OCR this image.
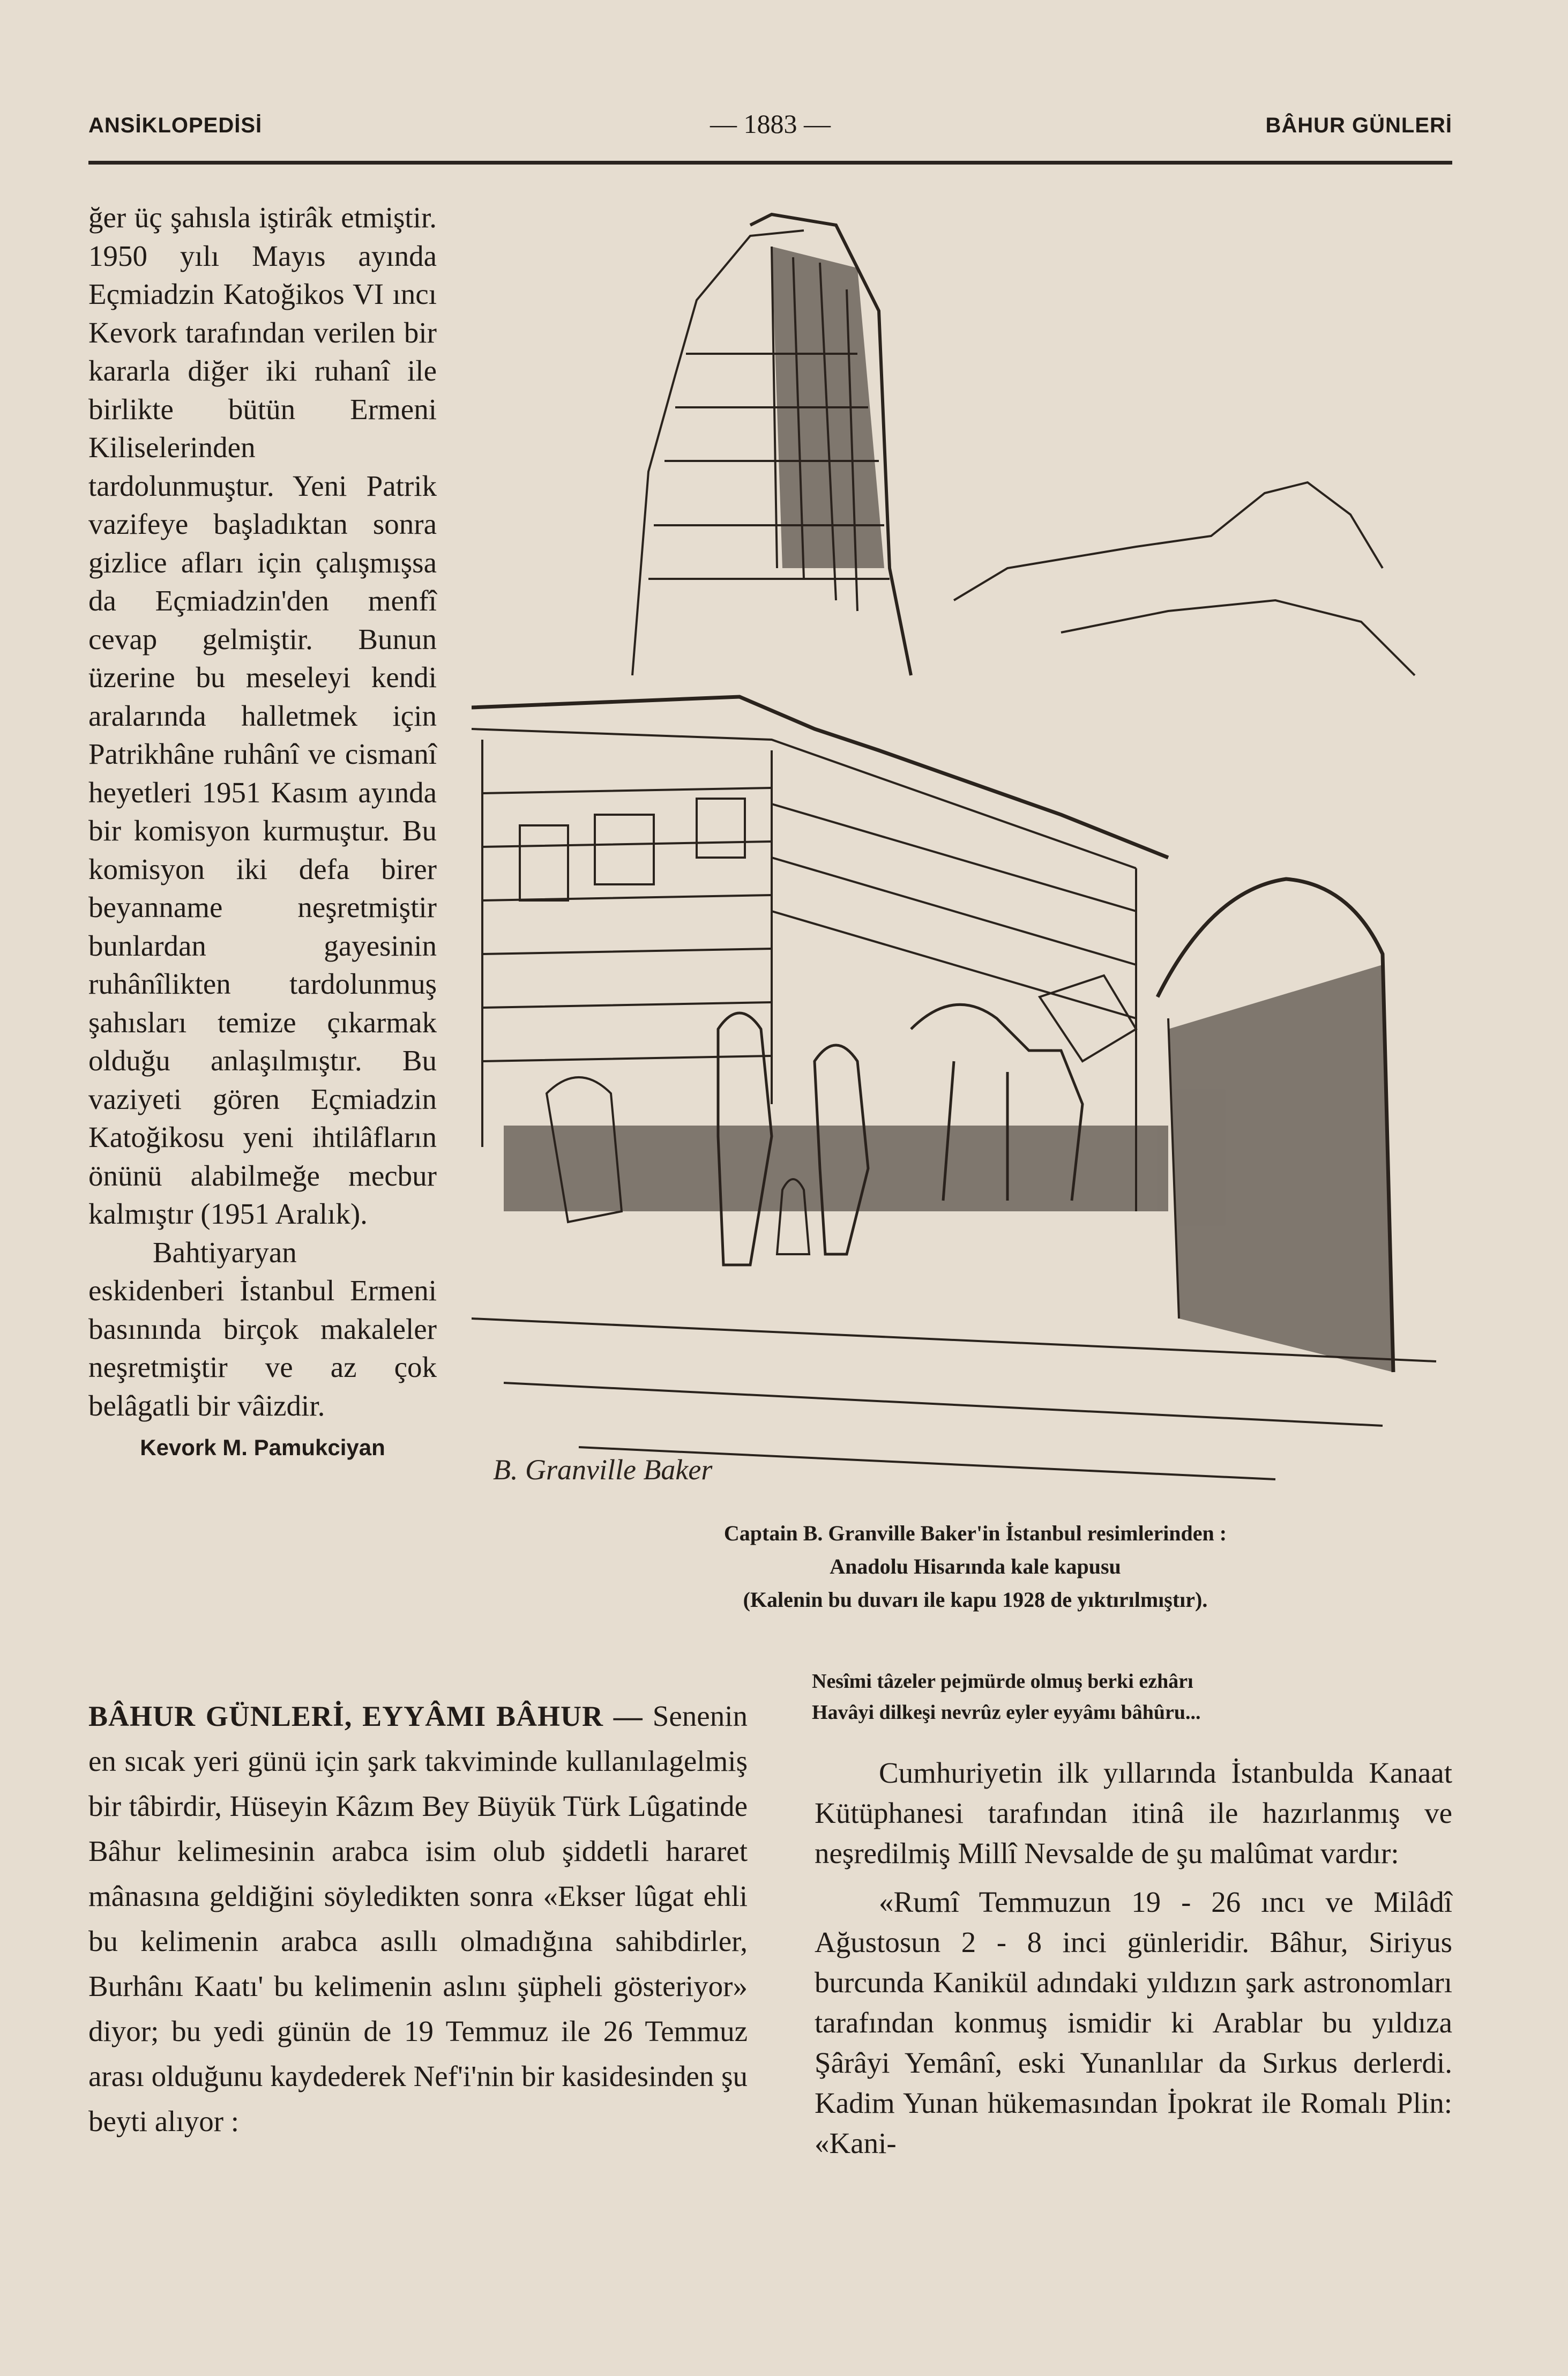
ANSİKLOPEDİSİ	— 1883 —	BÂHUR GÜNLERİ

ğer üç şahısla iştirâk etmiştir. 1950 yılı Mayıs ayında Eçmiadzin Katoğikos VI ıncı Kevork tarafından verilen bir kararla diğer iki ruhanî ile birlikte bütün Ermeni Kiliselerinden tardolunmuştur. Yeni Patrik vazifeye başladıktan sonra gizlice afları için çalışmışsa da Eçmiadzin'den menfî cevap gelmiştir. Bunun üzerine bu meseleyi kendi aralarında halletmek için Patrikhâne ruhânî ve cismanî heyetleri 1951 Kasım ayında bir komisyon kurmuştur. Bu komisyon iki defa birer beyanname neşretmiştir bunlardan gayesinin ruhânîlikten tardolunmuş şahısları temize çıkarmak olduğu anlaşılmıştır. Bu vaziyeti gören Eçmiadzin Katoğikosu yeni ihtilâfların önünü alabilmeğe mecbur kalmıştır (1951 Aralık).

Bahtiyaryan eskidenberi İstanbul Ermeni basınında birçok makaleler neşretmiştir ve az çok belâgatli bir vâizdir.

Kevork M. Pamukciyan
B. Granville Baker
Captain B. Granville Baker'in İstanbul resimlerinden :
Anadolu Hisarında kale kapusu
(Kalenin bu duvarı ile kapu 1928 de yıktırılmıştır).
Nesîmi tâzeler pejmürde olmuş berki ezhârı
Havâyi dilkeşi nevrûz eyler eyyâmı bâhûru...

BÂHUR GÜNLERİ, EYYÂMI BÂHUR — Senenin en sıcak yeri günü için şark takviminde kullanılagelmiş bir tâbirdir, Hüseyin Kâzım Bey Büyük Türk Lûgatinde Bâhur kelimesinin arabca isim olub şiddetli hararet mânasına geldiğini söyledikten sonra «Ekser lûgat ehli bu kelimenin arabca asıllı olmadığına sahibdirler, Burhânı Kaatı' bu kelimenin aslını şüpheli gösteriyor» diyor; bu yedi günün de 19 Temmuz ile 26 Temmuz arası olduğunu kaydederek Nef'i'nin bir kasidesinden şu beyti alıyor :

Cumhuriyetin ilk yıllarında İstanbulda Kanaat Kütüphanesi tarafından itinâ ile hazırlanmış ve neşredilmiş Millî Nevsalde de şu malûmat vardır:

«Rumî Temmuzun 19 - 26 ıncı ve Milâdî Ağustosun 2 - 8 inci günleridir. Bâhur, Siriyus burcunda Kanikül adındaki yıldızın şark astronomları tarafından konmuş ismidir ki Arablar bu yıldıza Şârâyi Yemânî, eski Yunanlılar da Sırkus derlerdi. Kadim Yunan hükemasından İpokrat ile Romalı Plin: «Kani-
